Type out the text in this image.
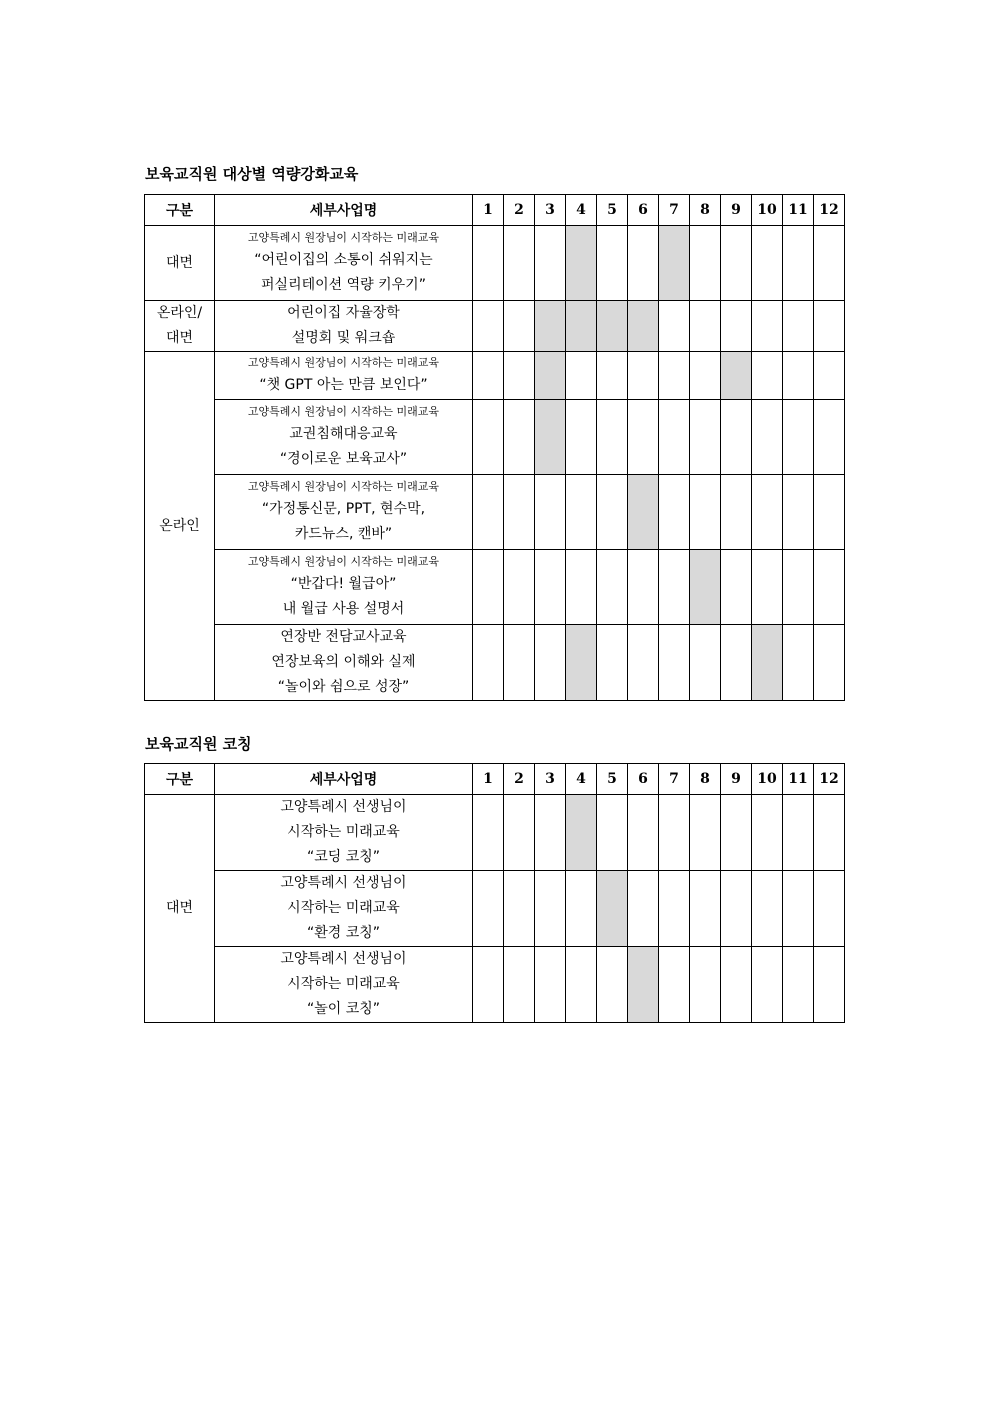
보육교직원 대상별 역량강화교육
구분	세부사업명	1	2	3	4	5	6	7	8	9	10	11	12

대면	고양특례시 원장님이 시작하는 미래교육
“어린이집의 소통이 쉬워지는
퍼실리테이션 역량 키우기”												

온라인/
대면	어린이집 자율장학
설명회 및 워크숍												

온라인	고양특례시 원장님이 시작하는 미래교육
“챗 GPT 아는 만큼 보인다”												

	고양특례시 원장님이 시작하는 미래교육
교권침해대응교육
“경이로운 보육교사”												

	고양특례시 원장님이 시작하는 미래교육
“가정통신문, PPT, 현수막,
카드뉴스, 캔바”												

	고양특례시 원장님이 시작하는 미래교육
“반갑다! 월급아”
내 월급 사용 설명서												

	연장반 전담교사교육
연장보육의 이해와 실제
“놀이와 쉼으로 성장”												

보육교직원 코칭
구분	세부사업명	1	2	3	4	5	6	7	8	9	10	11	12

대면	고양특례시 선생님이
시작하는 미래교육
“코딩 코칭”												

	고양특례시 선생님이
시작하는 미래교육
“환경 코칭”												

	고양특례시 선생님이
시작하는 미래교육
“놀이 코칭”												
